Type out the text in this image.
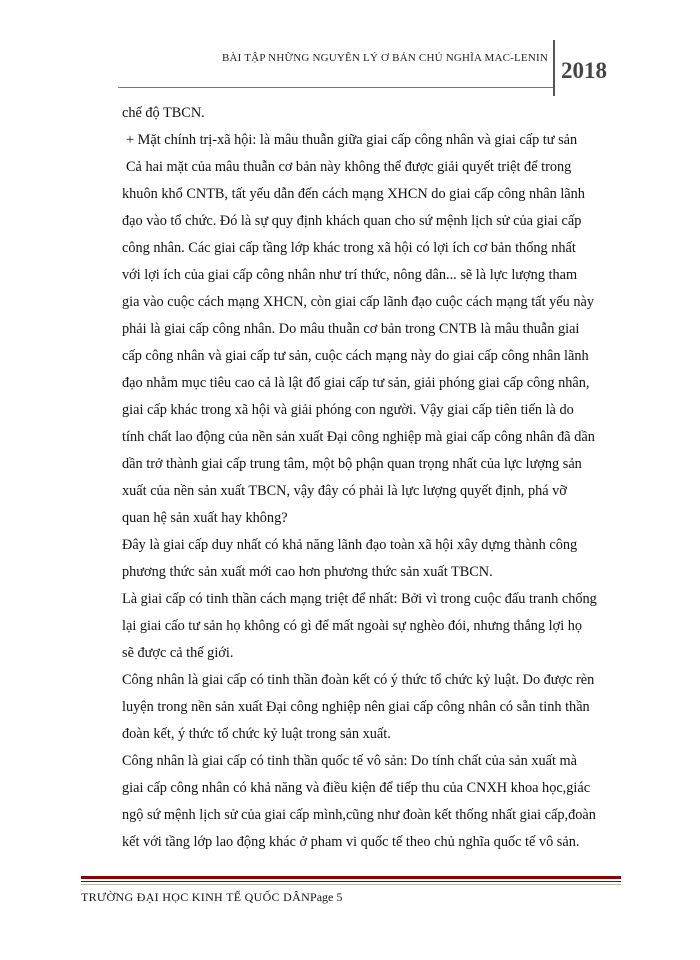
BÀI TẬP NHỮNG NGUYÊN LÝ Ơ BẢN CHỦ NGHĨA MAC-LENIN 2018
chế độ TBCN.
+ Mặt chính trị-xã hội: là mâu thuẫn giữa giai cấp công nhân và giai cấp tư sản
Cả hai mặt của mâu thuẫn cơ bản này không thể được giải quyết triệt để trong
khuôn khổ CNTB, tất yếu dẫn đến cách mạng XHCN do giai cấp công nhân lãnh
đạo vào tổ chức. Đó là sự quy định khách quan cho sứ mệnh lịch sử của giai cấp
công nhân. Các giai cấp tầng lớp khác trong xã hội có lợi ích cơ bản thống nhất
với lợi ích của giai cấp công nhân như trí thức, nông dân... sẽ là lực lượng tham
gia vào cuộc cách mạng XHCN, còn giai cấp lãnh đạo cuộc cách mạng tất yếu này
phải là giai cấp công nhân. Do mâu thuẫn cơ bản trong CNTB là mâu thuẫn giai
cấp công nhân và giai cấp tư sản, cuộc cách mạng này do giai cấp công nhân lãnh
đạo nhằm mục tiêu cao cả là lật đổ giai cấp tư sản, giải phóng giai cấp công nhân,
giai cấp khác trong xã hội và giải phóng con người. Vậy giai cấp tiên tiến là do
tính chất lao động của nền sản xuất Đại công nghiệp mà giai cấp công nhân đã dần
dần trở thành giai cấp trung tâm, một bộ phận quan trọng nhất của lực lượng sản
xuất của nền sản xuất TBCN, vậy đây có phải là lực lượng quyết định, phá vỡ
quan hệ sản xuất hay không?
Đây là giai cấp duy nhất có khả năng lãnh đạo toàn xã hội xây dựng thành công
phương thức sản xuất mới cao hơn phương thức sản xuất TBCN.
Là giai cấp có tinh thần cách mạng triệt để nhất: Bởi vì trong cuộc đấu tranh chống
lại giai cấo tư sản họ không có gì để mất ngoài sự nghèo đói, nhưng thắng lợi họ
sẽ được cả thế giới.
Công nhân là giai cấp có tinh thần đoàn kết có ý thức tổ chức kỷ luật. Do được rèn
luyện trong nền sản xuất Đại công nghiệp nên giai cấp công nhân có sẵn tinh thần
đoàn kết, ý thức tổ chức kỷ luật trong sản xuất.
Công nhân là giai cấp có tinh thần quốc tế vô sản: Do tính chất của sản xuất mà
giai cấp công nhân có khả năng và điều kiện để tiếp thu của CNXH khoa học,giác
ngộ sứ mệnh lịch sử của giai cấp mình,cũng như đoàn kết thống nhất giai cấp,đoàn
kết với tầng lớp lao động khác ở pham vi quốc tế theo chủ nghĩa quốc tế vô sản.
TRƯỜNG ĐẠI HỌC KINH TẾ QUỐC DÂNPage 5
